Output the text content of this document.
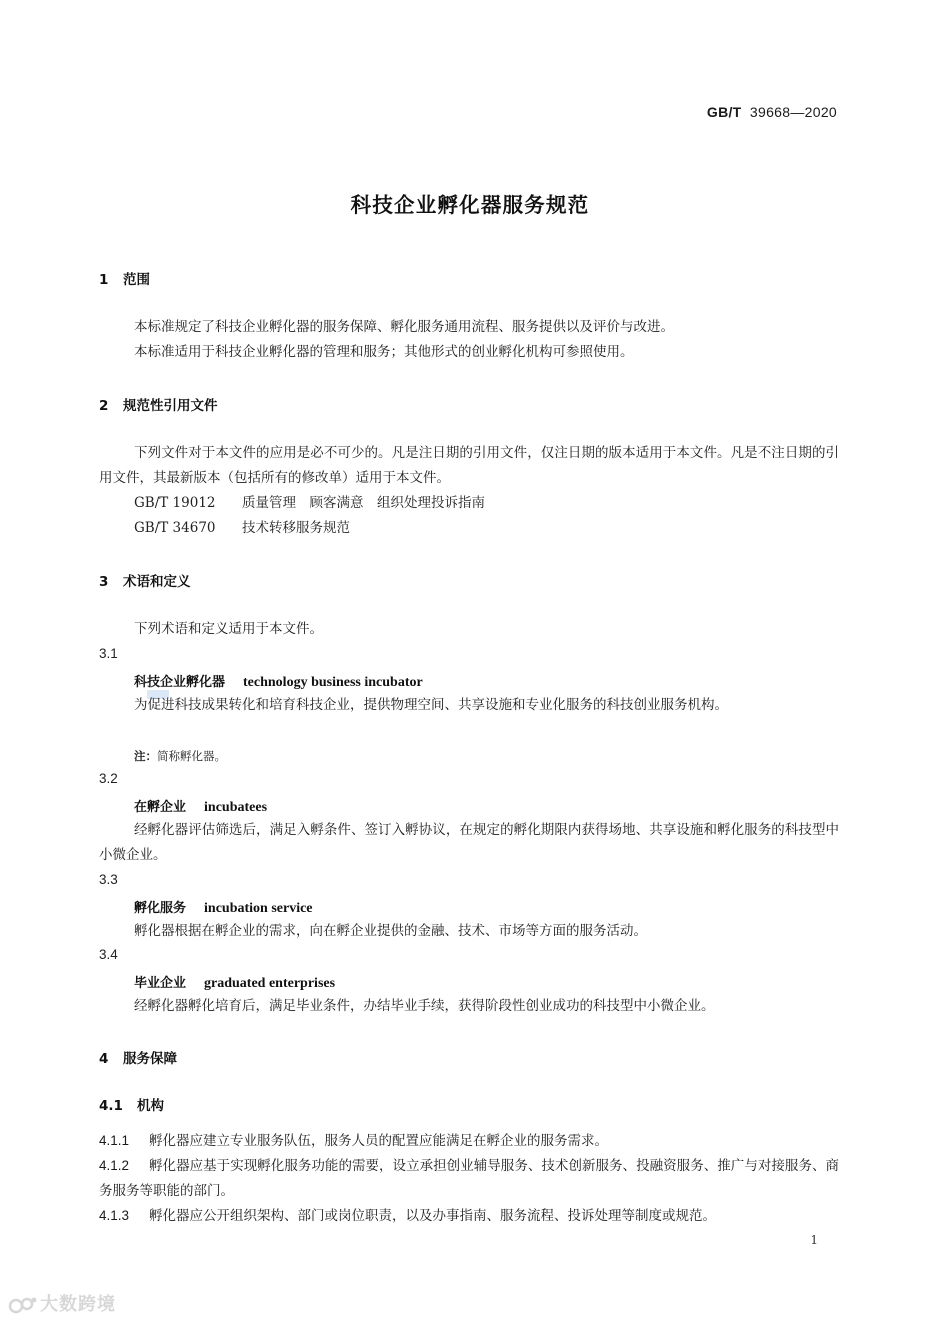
GB/T 39668—2020
科技企业孵化器服务规范
1 范围
本标准规定了科技企业孵化器的服务保障、孵化服务通用流程、服务提供以及评价与改进。
本标准适用于科技企业孵化器的管理和服务；其他形式的创业孵化机构可参照使用。
2 规范性引用文件
下列文件对于本文件的应用是必不可少的。凡是注日期的引用文件，仅注日期的版本适用于本文件。凡是不注日期的引用文件，其最新版本（包括所有的修改单）适用于本文件。
GB/T 19012 质量管理　顾客满意　组织处理投诉指南
GB/T 34670 技术转移服务规范
3 术语和定义
下列术语和定义适用于本文件。
3.1
科技企业孵化器 technology business incubator
为促进科技成果转化和培育科技企业，提供物理空间、共享设施和专业化服务的科技创业服务机构。
注：简称孵化器。
3.2
在孵企业 incubatees
经孵化器评估筛选后，满足入孵条件、签订入孵协议，在规定的孵化期限内获得场地、共享设施和孵化服务的科技型中小微企业。
3.3
孵化服务 incubation service
孵化器根据在孵企业的需求，向在孵企业提供的金融、技术、市场等方面的服务活动。
3.4
毕业企业 graduated enterprises
经孵化器孵化培育后，满足毕业条件，办结毕业手续，获得阶段性创业成功的科技型中小微企业。
4 服务保障
4.1 机构
4.1.1 孵化器应建立专业服务队伍，服务人员的配置应能满足在孵企业的服务需求。
4.1.2 孵化器应基于实现孵化服务功能的需要，设立承担创业辅导服务、技术创新服务、投融资服务、推广与对接服务、商务服务等职能的部门。
4.1.3 孵化器应公开组织架构、部门或岗位职责，以及办事指南、服务流程、投诉处理等制度或规范。
1
大数跨境
